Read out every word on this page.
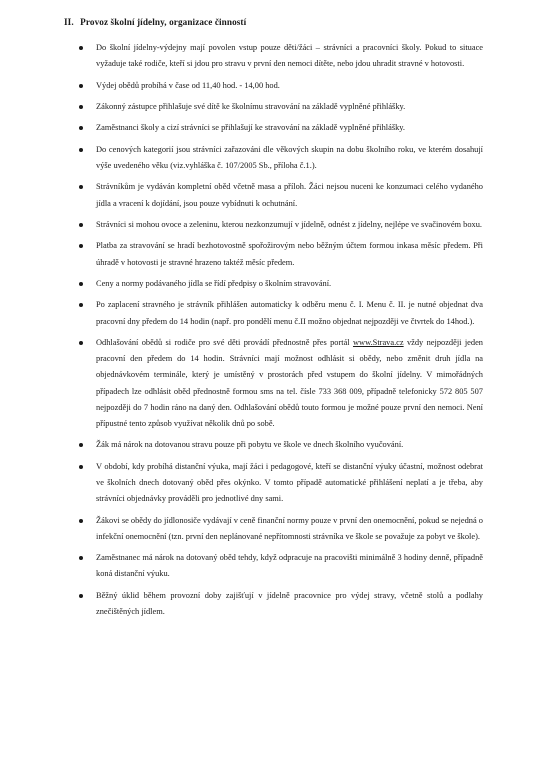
II. Provoz školní jídelny, organizace činností
Do školní jídelny-výdejny mají povolen vstup pouze děti/žáci – strávníci a pracovníci školy. Pokud to situace vyžaduje také rodiče, kteří si jdou pro stravu v první den nemoci dítěte, nebo jdou uhradit stravné v hotovosti.
Výdej obědů probíhá v čase od 11,40 hod. - 14,00 hod.
Zákonný zástupce přihlašuje své dítě ke školnímu stravování na základě vyplněné přihlášky.
Zaměstnanci školy a cizí strávníci se přihlašují ke stravování na základě vyplněné přihlášky.
Do cenových kategorií jsou strávníci zařazováni dle věkových skupin na dobu školního roku, ve kterém dosahují výše uvedeného věku (viz.vyhláška č. 107/2005 Sb., příloha č.1.).
Strávníkům je vydáván kompletní oběd včetně masa a příloh. Žáci nejsou nuceni ke konzumaci celého vydaného jídla a vracení k dojídání, jsou pouze vybídnuti k ochutnání.
Strávníci si mohou ovoce a zeleninu, kterou nezkonzumují v jídelně, odnést z jídelny, nejlépe ve svačinovém boxu.
Platba za stravování se hradí bezhotovostně spořožirovým nebo běžným účtem formou inkasa měsíc předem. Při úhradě v hotovosti je stravné hrazeno taktéž měsíc předem.
Ceny a normy podávaného jídla se řídí předpisy o školním stravování.
Po zaplacení stravného je strávník přihlášen automaticky k odběru menu č. I. Menu č. II. je nutné objednat dva pracovní dny předem do 14 hodin (např. pro pondělí menu č.II možno objednat nejpozději ve čtvrtek do 14hod.).
Odhlašování obědů si rodiče pro své děti provádí přednostně přes portál www.Strava.cz vždy nejpozději jeden pracovní den předem do 14 hodin. Strávníci mají možnost odhlásit si obědy, nebo změnit druh jídla na objednávkovém terminále, který je umístěný v prostorách před vstupem do školní jídelny. V mimořádných případech lze odhlásit oběd přednostně formou sms na tel. čísle 733 368 009, případně telefonicky 572 805 507 nejpozději do 7 hodin ráno na daný den. Odhlašování obědů touto formou je možné pouze první den nemoci. Není přípustné tento způsob využívat několik dnů po sobě.
Žák má nárok na dotovanou stravu pouze při pobytu ve škole ve dnech školního vyučování.
V období, kdy probíhá distanční výuka, mají žáci i pedagogové, kteří se distanční výuky účastní, možnost odebrat ve školních dnech dotovaný oběd přes okýnko. V tomto případě automatické přihlášení neplatí a je třeba, aby strávníci objednávky prováděli pro jednotlivé dny sami.
Žákovi se obědy do jídlonosiče vydávají v ceně finanční normy pouze v první den onemocnění, pokud se nejedná o infekční onemocnění (tzn. první den neplánované nepřítomnosti strávníka ve škole se považuje za pobyt ve škole).
Zaměstnanec má nárok na dotovaný oběd tehdy, když odpracuje na pracovišti minimálně 3 hodiny denně, případně koná distanční výuku.
Běžný úklid během provozní doby zajišťují v jídelně pracovnice pro výdej stravy, včetně stolů a podlahy znečištěných jídlem.
